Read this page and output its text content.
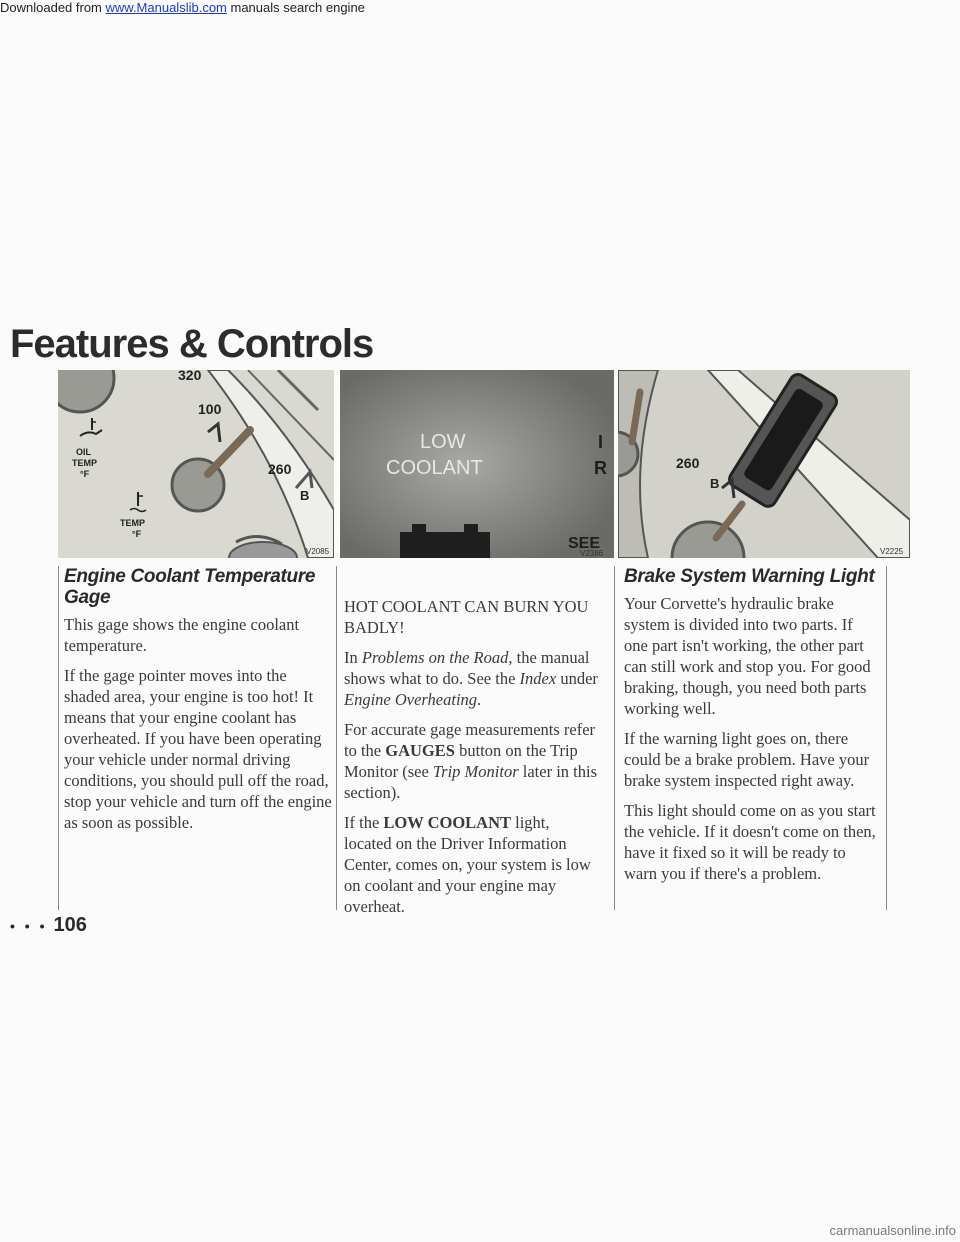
Downloaded from www.Manualslib.com manuals search engine
Features & Controls
320
100
260
B
OIL
TEMP
°F
TEMP
°F
V2085
LOW
COOLANT
I
R
SEE
V2386
260
B
V2225
Engine Coolant Temperature Gage

This gage shows the engine coolant temperature.

If the gage pointer moves into the shaded area, your engine is too hot! It means that your engine coolant has overheated. If you have been operating your vehicle under normal driving conditions, you should pull off the road, stop your vehicle and turn off the engine as soon as possible.

HOT COOLANT CAN BURN YOU BADLY!

In Problems on the Road, the manual shows what to do. See the Index under Engine Overheating.

For accurate gage measurements refer to the GAUGES button on the Trip Monitor (see Trip Monitor later in this section).

If the LOW COOLANT light, located on the Driver Information Center, comes on, your system is low on coolant and your engine may overheat.

Brake System Warning Light

Your Corvette's hydraulic brake system is divided into two parts. If one part isn't working, the other part can still work and stop you. For good braking, though, you need both parts working well.

If the warning light goes on, there could be a brake problem. Have your brake system inspected right away.

This light should come on as you start the vehicle. If it doesn't come on then, have it fixed so it will be ready to warn you if there's a problem.

• • • 106
carmanualsonline.info
